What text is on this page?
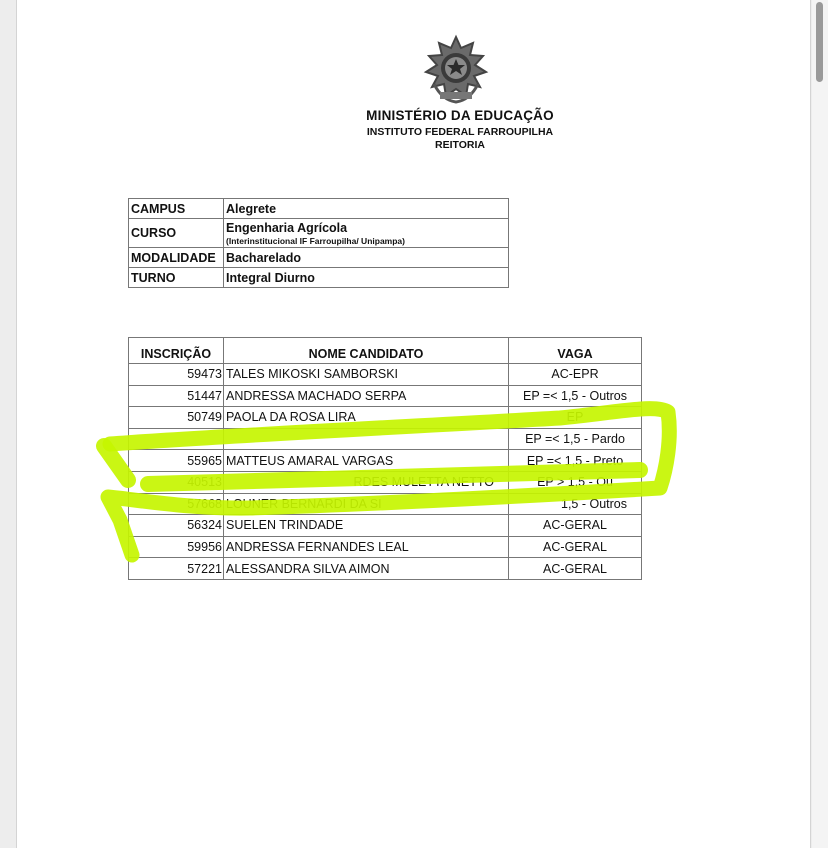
MINISTÉRIO DA EDUCAÇÃO
INSTITUTO FEDERAL FARROUPILHA
REITORIA
CAMPUS	Alegrete
CURSO	Engenharia Agrícola
(Interinstitucional IF Farroupilha/ Unipampa)

MODALIDADE	Bacharelado
TURNO	Integral Diurno
INSCRIÇÃO	NOME CANDIDATO	VAGA
59473	TALES MIKOSKI SAMBORSKI	AC-EPR
51447	ANDRESSA MACHADO SERPA	EP =< 1,5 - Outros
50749	PAOLA DA ROSA LIRA	EP
		EP =< 1,5 - Pardo
55965	MATTEUS AMARAL VARGAS	EP =< 1,5 - Preto
40513	RDES MULETTA NETTO	EP > 1,5 - Ou
57668	LOUNER BERNARDI DA SI	1,5 - Outros
56324	SUELEN TRINDADE	AC-GERAL
59956	ANDRESSA FERNANDES LEAL	AC-GERAL
57221	ALESSANDRA SILVA AIMON	AC-GERAL
